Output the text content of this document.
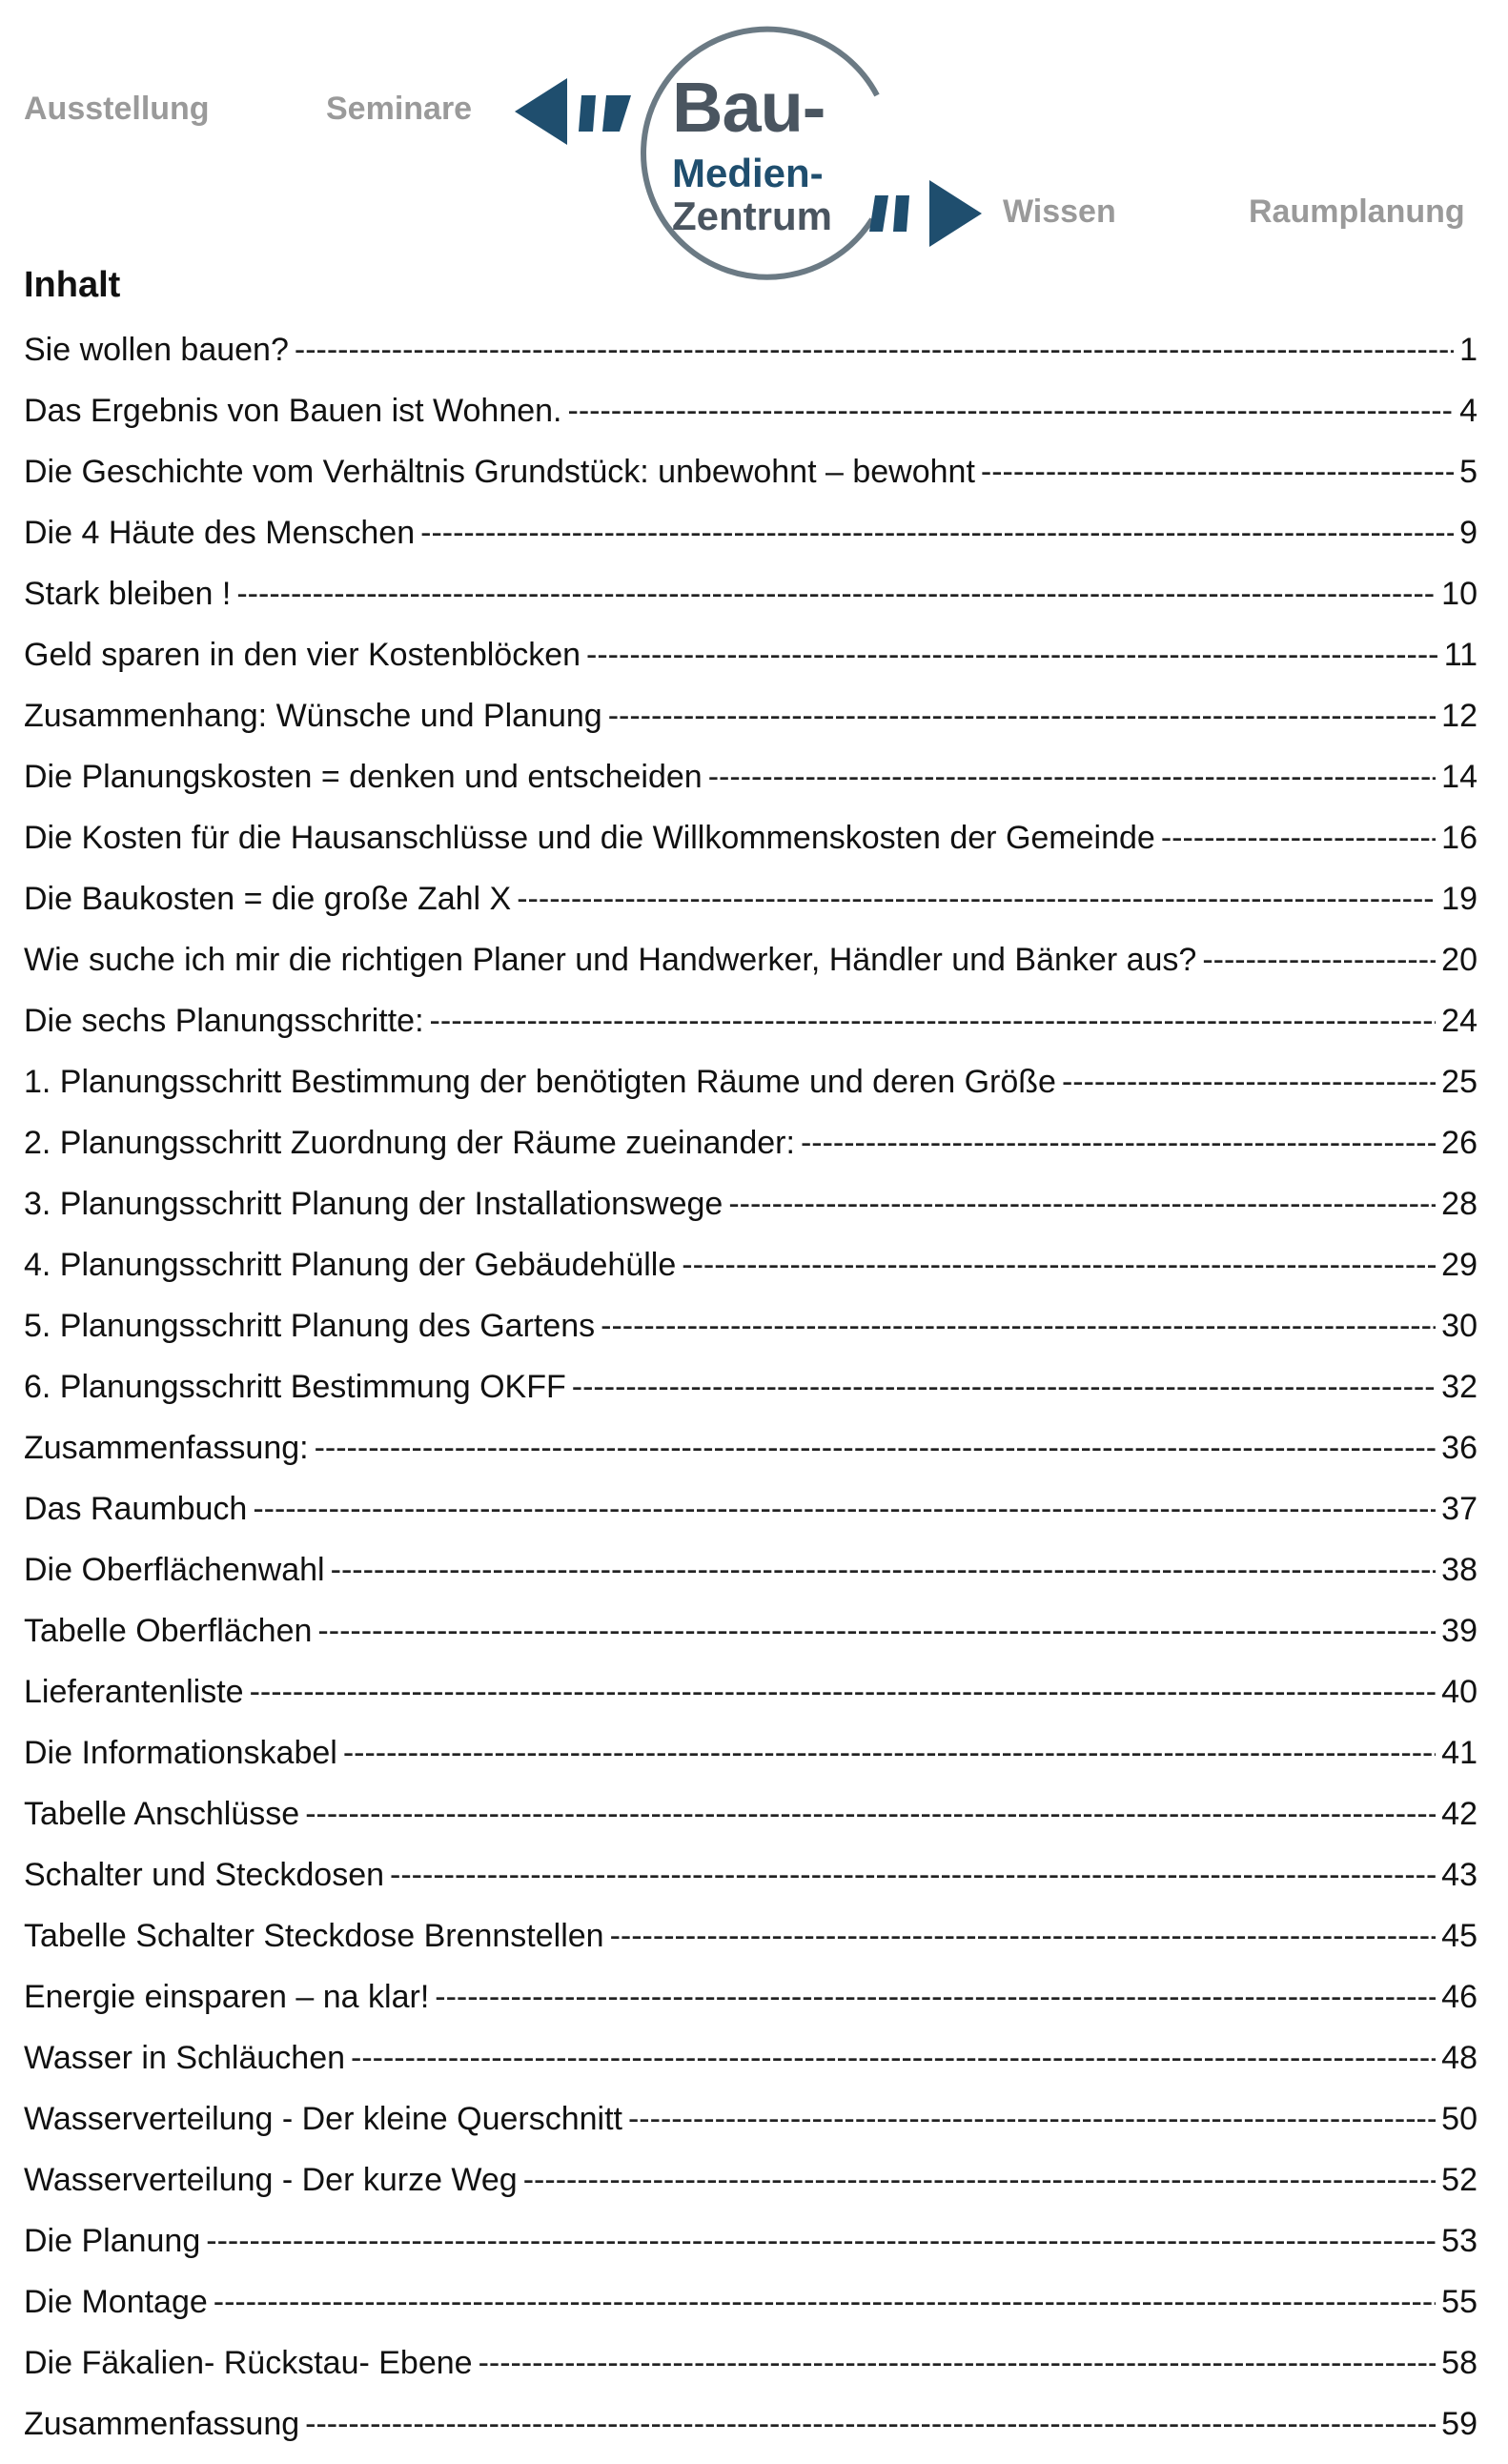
Ausstellung	Seminare	Bau-
Medien-
Zentrum	Wissen	Raumplanung
Inhalt
Sie wollen bauen? -----	1
Das Ergebnis von Bauen ist Wohnen. -----	4
Die Geschichte vom Verhältnis Grundstück: unbewohnt – bewohnt -----	5
Die 4 Häute des Menschen -----	9
Stark bleiben ! -----	10
Geld sparen in den vier Kostenblöcken -----	11
Zusammenhang: Wünsche und Planung -----	12
Die Planungskosten = denken und entscheiden -----	14
Die Kosten für die Hausanschlüsse und die Willkommenskosten der Gemeinde -----	16
Die Baukosten = die große Zahl X -----	19
Wie suche ich mir die richtigen Planer und Handwerker, Händler und Bänker aus? -----	20
Die sechs Planungsschritte: -----	24
1. Planungsschritt Bestimmung der benötigten Räume und deren Größe -----	25
2. Planungsschritt Zuordnung der Räume zueinander: -----	26
3. Planungsschritt Planung der Installationswege -----	28
4. Planungsschritt Planung der Gebäudehülle -----	29
5. Planungsschritt Planung des Gartens -----	30
6. Planungsschritt Bestimmung OKFF -----	32
Zusammenfassung: -----	36
Das Raumbuch -----	37
Die Oberflächenwahl -----	38
Tabelle Oberflächen -----	39
Lieferantenliste -----	40
Die Informationskabel -----	41
Tabelle Anschlüsse -----	42
Schalter und Steckdosen -----	43
Tabelle Schalter Steckdose Brennstellen -----	45
Energie einsparen – na klar! -----	46
Wasser in Schläuchen -----	48
Wasserverteilung - Der kleine Querschnitt -----	50
Wasserverteilung - Der kurze Weg -----	52
Die Planung -----	53
Die Montage -----	55
Die Fäkalien- Rückstau- Ebene -----	58
Zusammenfassung -----	59
